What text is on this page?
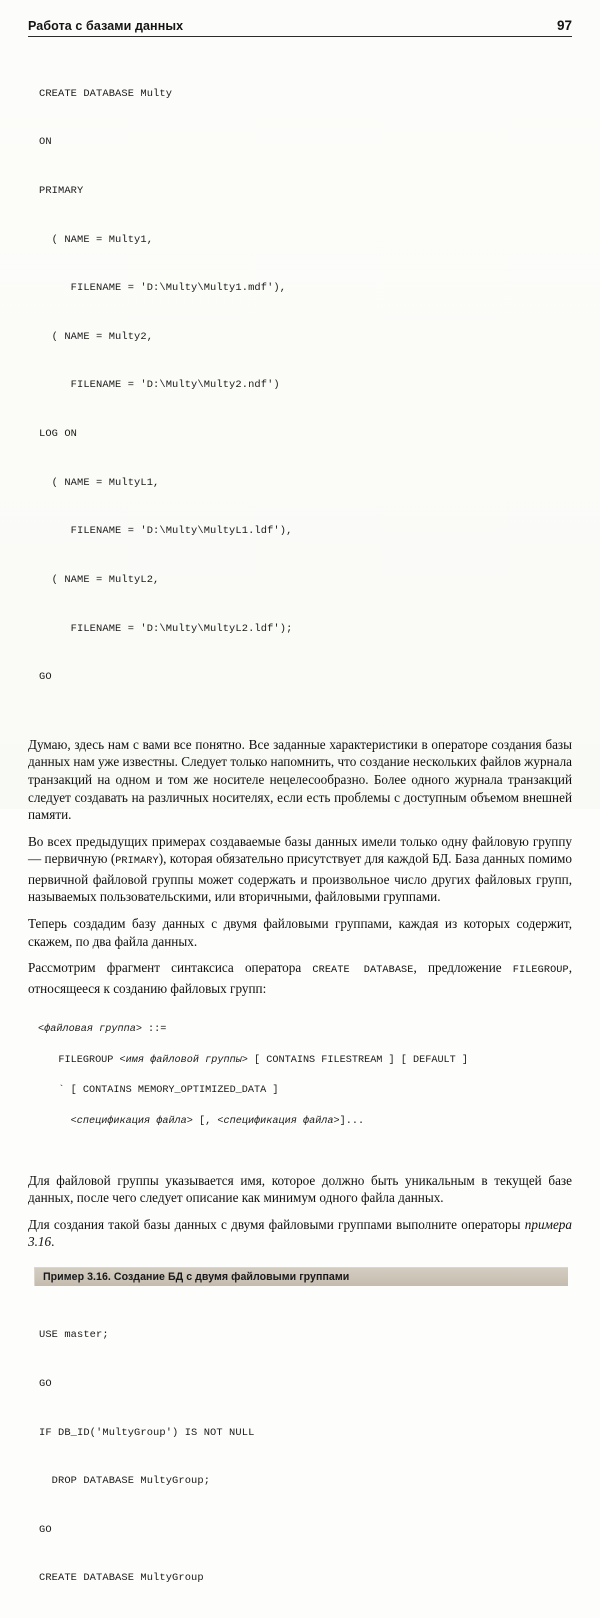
Работа с базами данных	97

CREATE DATABASE Multy

ON

PRIMARY

( NAME = Multy1,

FILENAME = 'D:\Multy\Multy1.mdf'),

( NAME = Multy2,

FILENAME = 'D:\Multy\Multy2.ndf')

LOG ON

( NAME = MultyL1,

FILENAME = 'D:\Multy\MultyL1.ldf'),

( NAME = MultyL2,

FILENAME = 'D:\Multy\MultyL2.ldf');

GO

Думаю, здесь нам с вами все понятно. Все заданные характеристики в операторе создания базы данных нам уже известны. Следует только напомнить, что создание нескольких файлов журнала транзакций на одном и том же носителе нецелесообразно. Более одного журнала транзакций следует создавать на различных носителях, если есть проблемы с доступным объемом внешней памяти.

Во всех предыдущих примерах создаваемые базы данных имели только одну файловую группу — первичную (PRIMARY), которая обязательно присутствует для каждой БД. База данных помимо первичной файловой группы может содержать и произвольное число других файловых групп, называемых пользовательскими, или вторичными, файловыми группами.

Теперь создадим базу данных с двумя файловыми группами, каждая из которых содержит, скажем, по два файла данных.

Рассмотрим фрагмент синтаксиса оператора CREATE DATABASE, предложение FILEGROUP, относящееся к созданию файловых групп:

<файловая группа> ::=

FILEGROUP <имя файловой группы> [ CONTAINS FILESTREAM ] [ DEFAULT ]

` [ CONTAINS MEMORY_OPTIMIZED_DATA ]

<спецификация файла> [, <спецификация файла>]...

Для файловой группы указывается имя, которое должно быть уникальным в текущей базе данных, после чего следует описание как минимум одного файла данных.

Для создания такой базы данных с двумя файловыми группами выполните операторы примера 3.16.

Пример 3.16. Создание БД с двумя файловыми группами

USE master;

GO

IF DB_ID('MultyGroup') IS NOT NULL

DROP DATABASE MultyGroup;

GO

CREATE DATABASE MultyGroup
